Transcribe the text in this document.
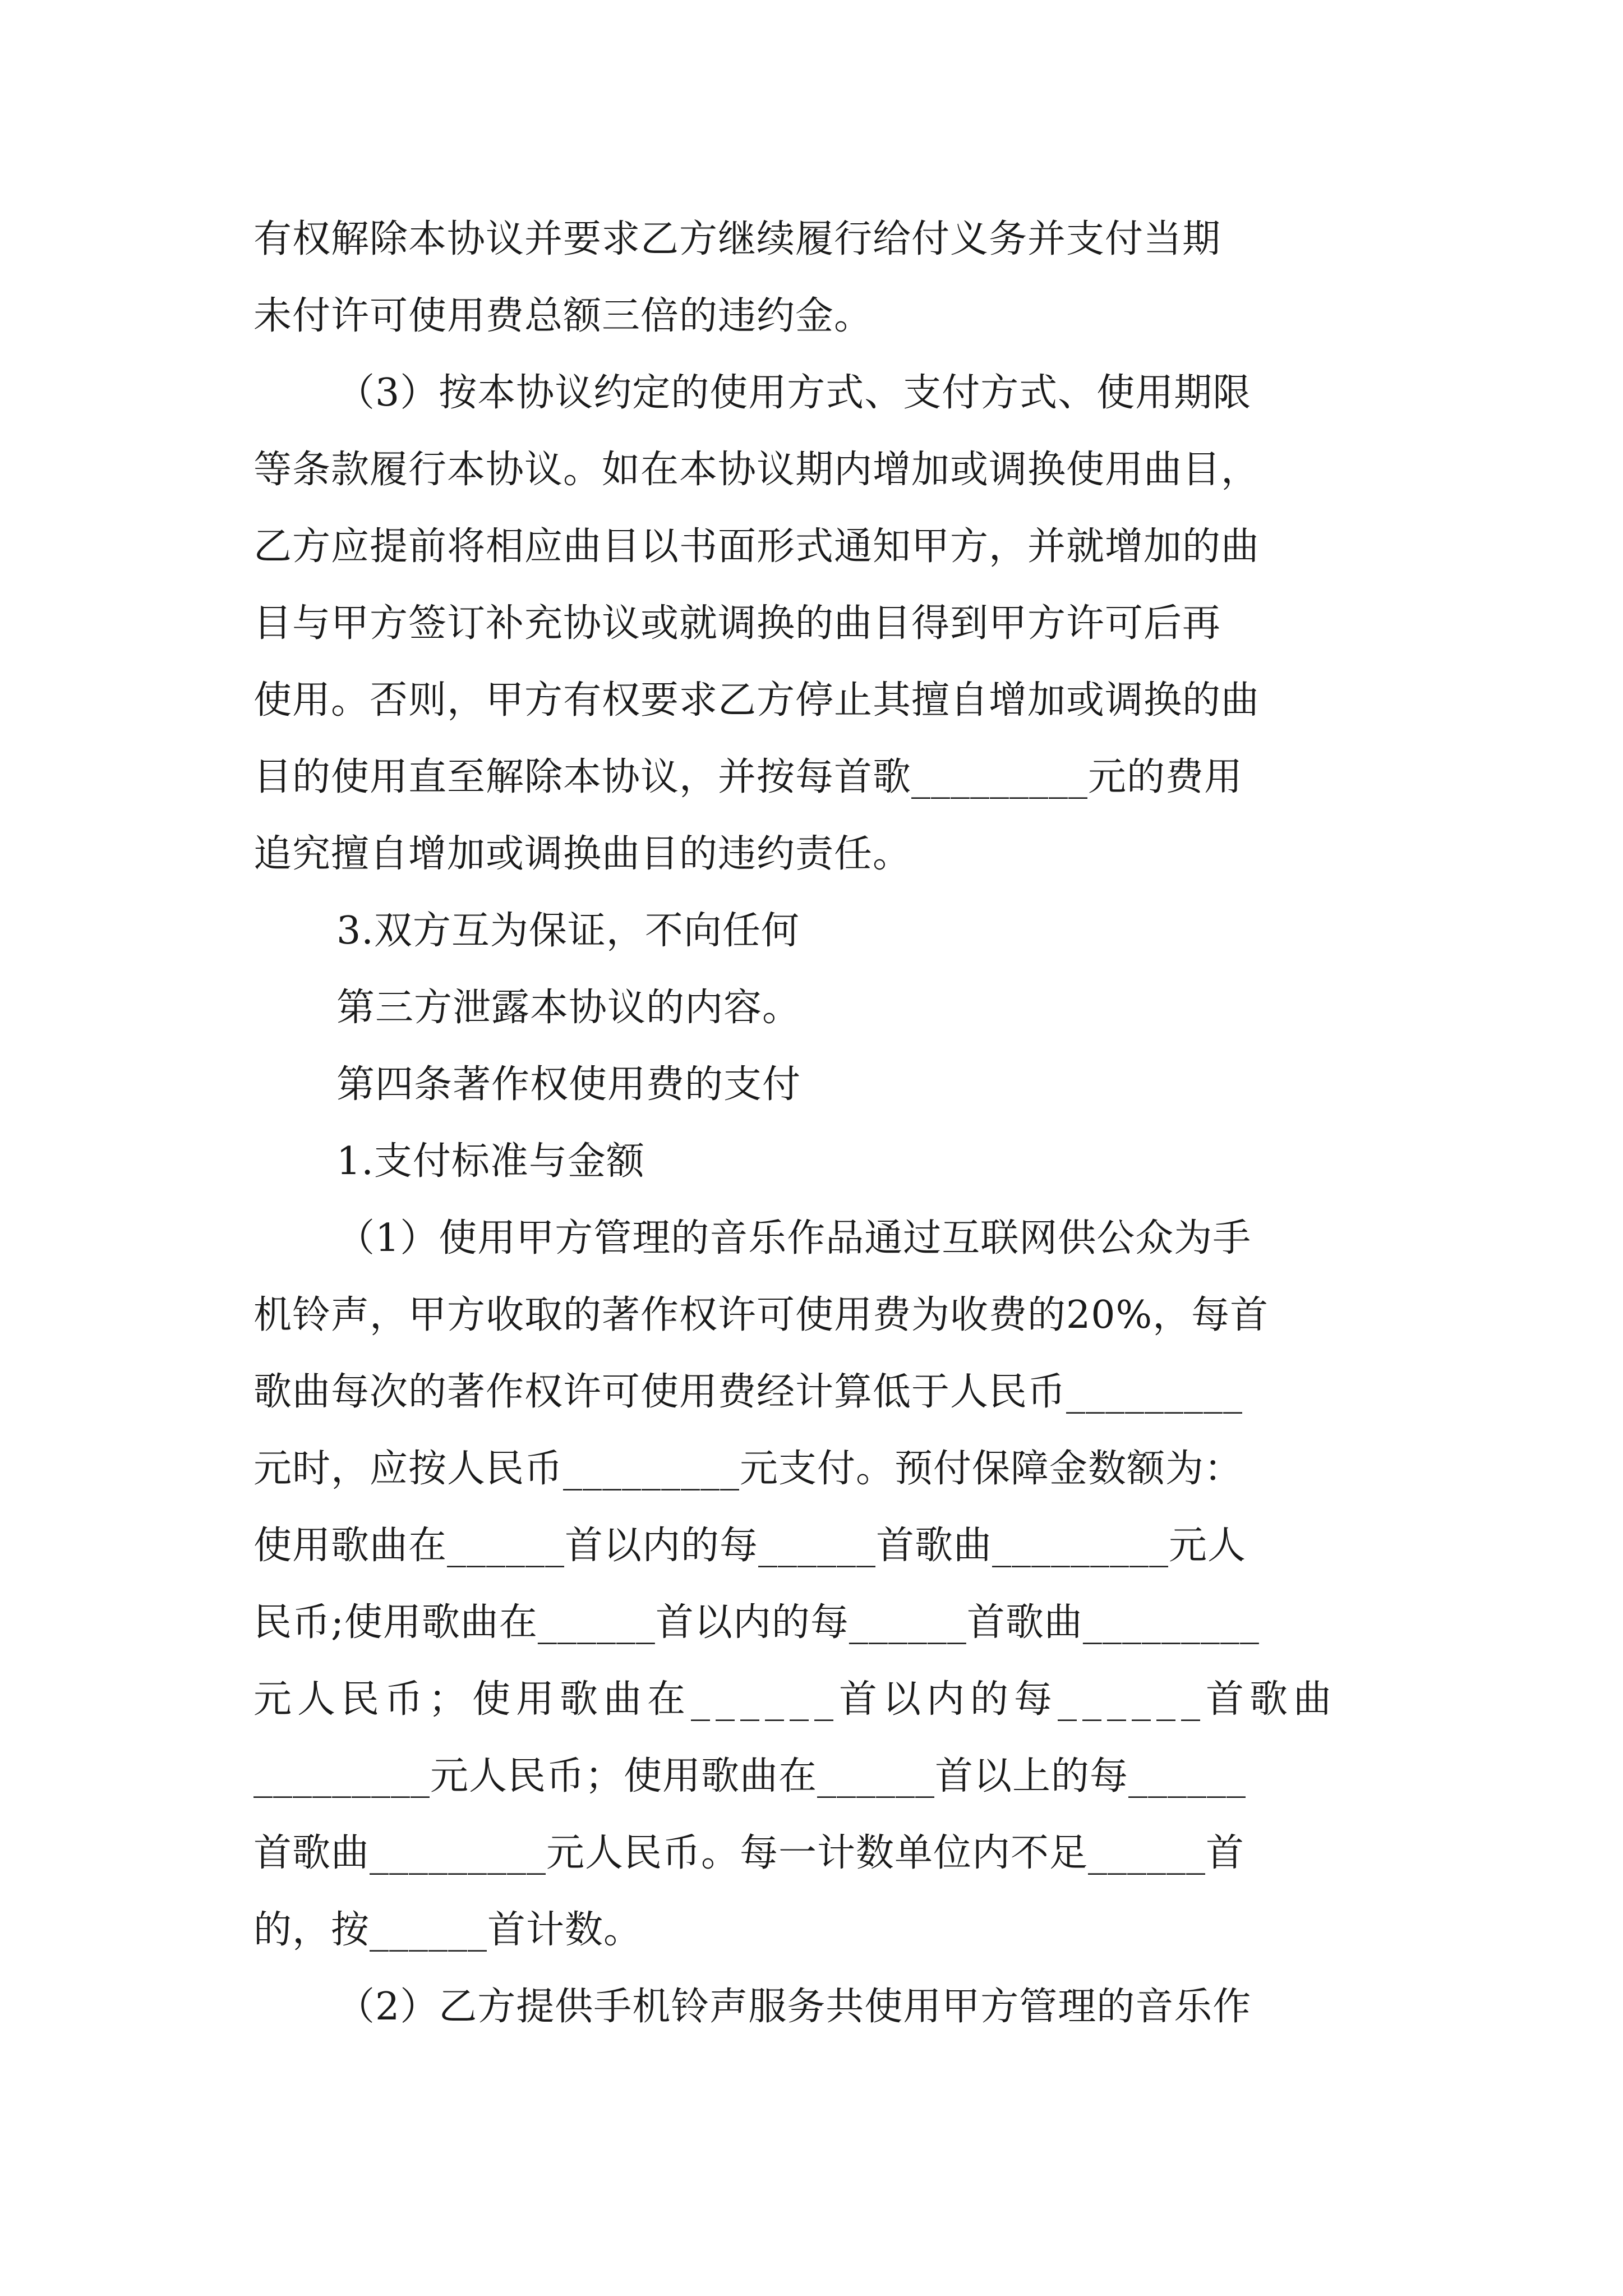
有权解除本协议并要求乙方继续履行给付义务并支付当期
未付许可使用费总额三倍的违约金。
（3）按本协议约定的使用方式、支付方式、使用期限
等条款履行本协议。如在本协议期内增加或调换使用曲目，
乙方应提前将相应曲目以书面形式通知甲方，并就增加的曲
目与甲方签订补充协议或就调换的曲目得到甲方许可后再
使用。否则，甲方有权要求乙方停止其擅自增加或调换的曲
目的使用直至解除本协议，并按每首歌_________元的费用
追究擅自增加或调换曲目的违约责任。
3.双方互为保证，不向任何
第三方泄露本协议的内容。
第四条著作权使用费的支付
1.支付标准与金额
（1）使用甲方管理的音乐作品通过互联网供公众为手
机铃声，甲方收取的著作权许可使用费为收费的20%，每首
歌曲每次的著作权许可使用费经计算低于人民币_________
元时，应按人民币_________元支付。预付保障金数额为：
使用歌曲在______首以内的每______首歌曲_________元人
民币;使用歌曲在______首以内的每______首歌曲_________
元人民币；使用歌曲在______首以内的每______首歌曲
_________元人民币；使用歌曲在______首以上的每______
首歌曲_________元人民币。每一计数单位内不足______首
的，按______首计数。
（2）乙方提供手机铃声服务共使用甲方管理的音乐作
